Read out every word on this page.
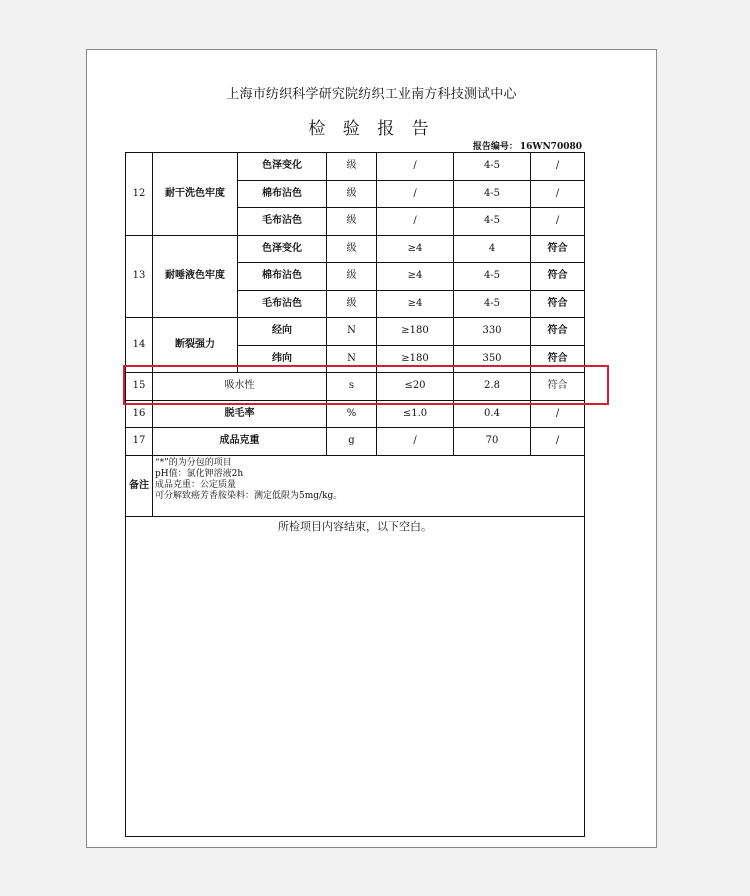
上海市纺织科学研究院纺织工业南方科技测试中心
检 验 报 告
报告编号： 16WN70080
12	耐干洗色牢度	色泽变化	级	/	4-5	/
		棉布沾色	级	/	4-5	/
		毛布沾色	级	/	4-5	/
13	耐唾液色牢度	色泽变化	级	≥4	4	符合
		棉布沾色	级	≥4	4-5	符合
		毛布沾色	级	≥4	4-5	符合
14	断裂强力	经向	N	≥180	330	符合
		纬向	N	≥180	350	符合
15	吸水性		s	≤20	2.8	符合
16	脱毛率		%	≤1.0	0.4	/
17	成品克重		g	/	70	/
备注	“*”的为分包的项目
pH值：氯化钾溶液2h
成品克重：公定质量
可分解致癌芳香胺染料：测定低限为5mg/kg。					

所检项目内容结束，以下空白。						
